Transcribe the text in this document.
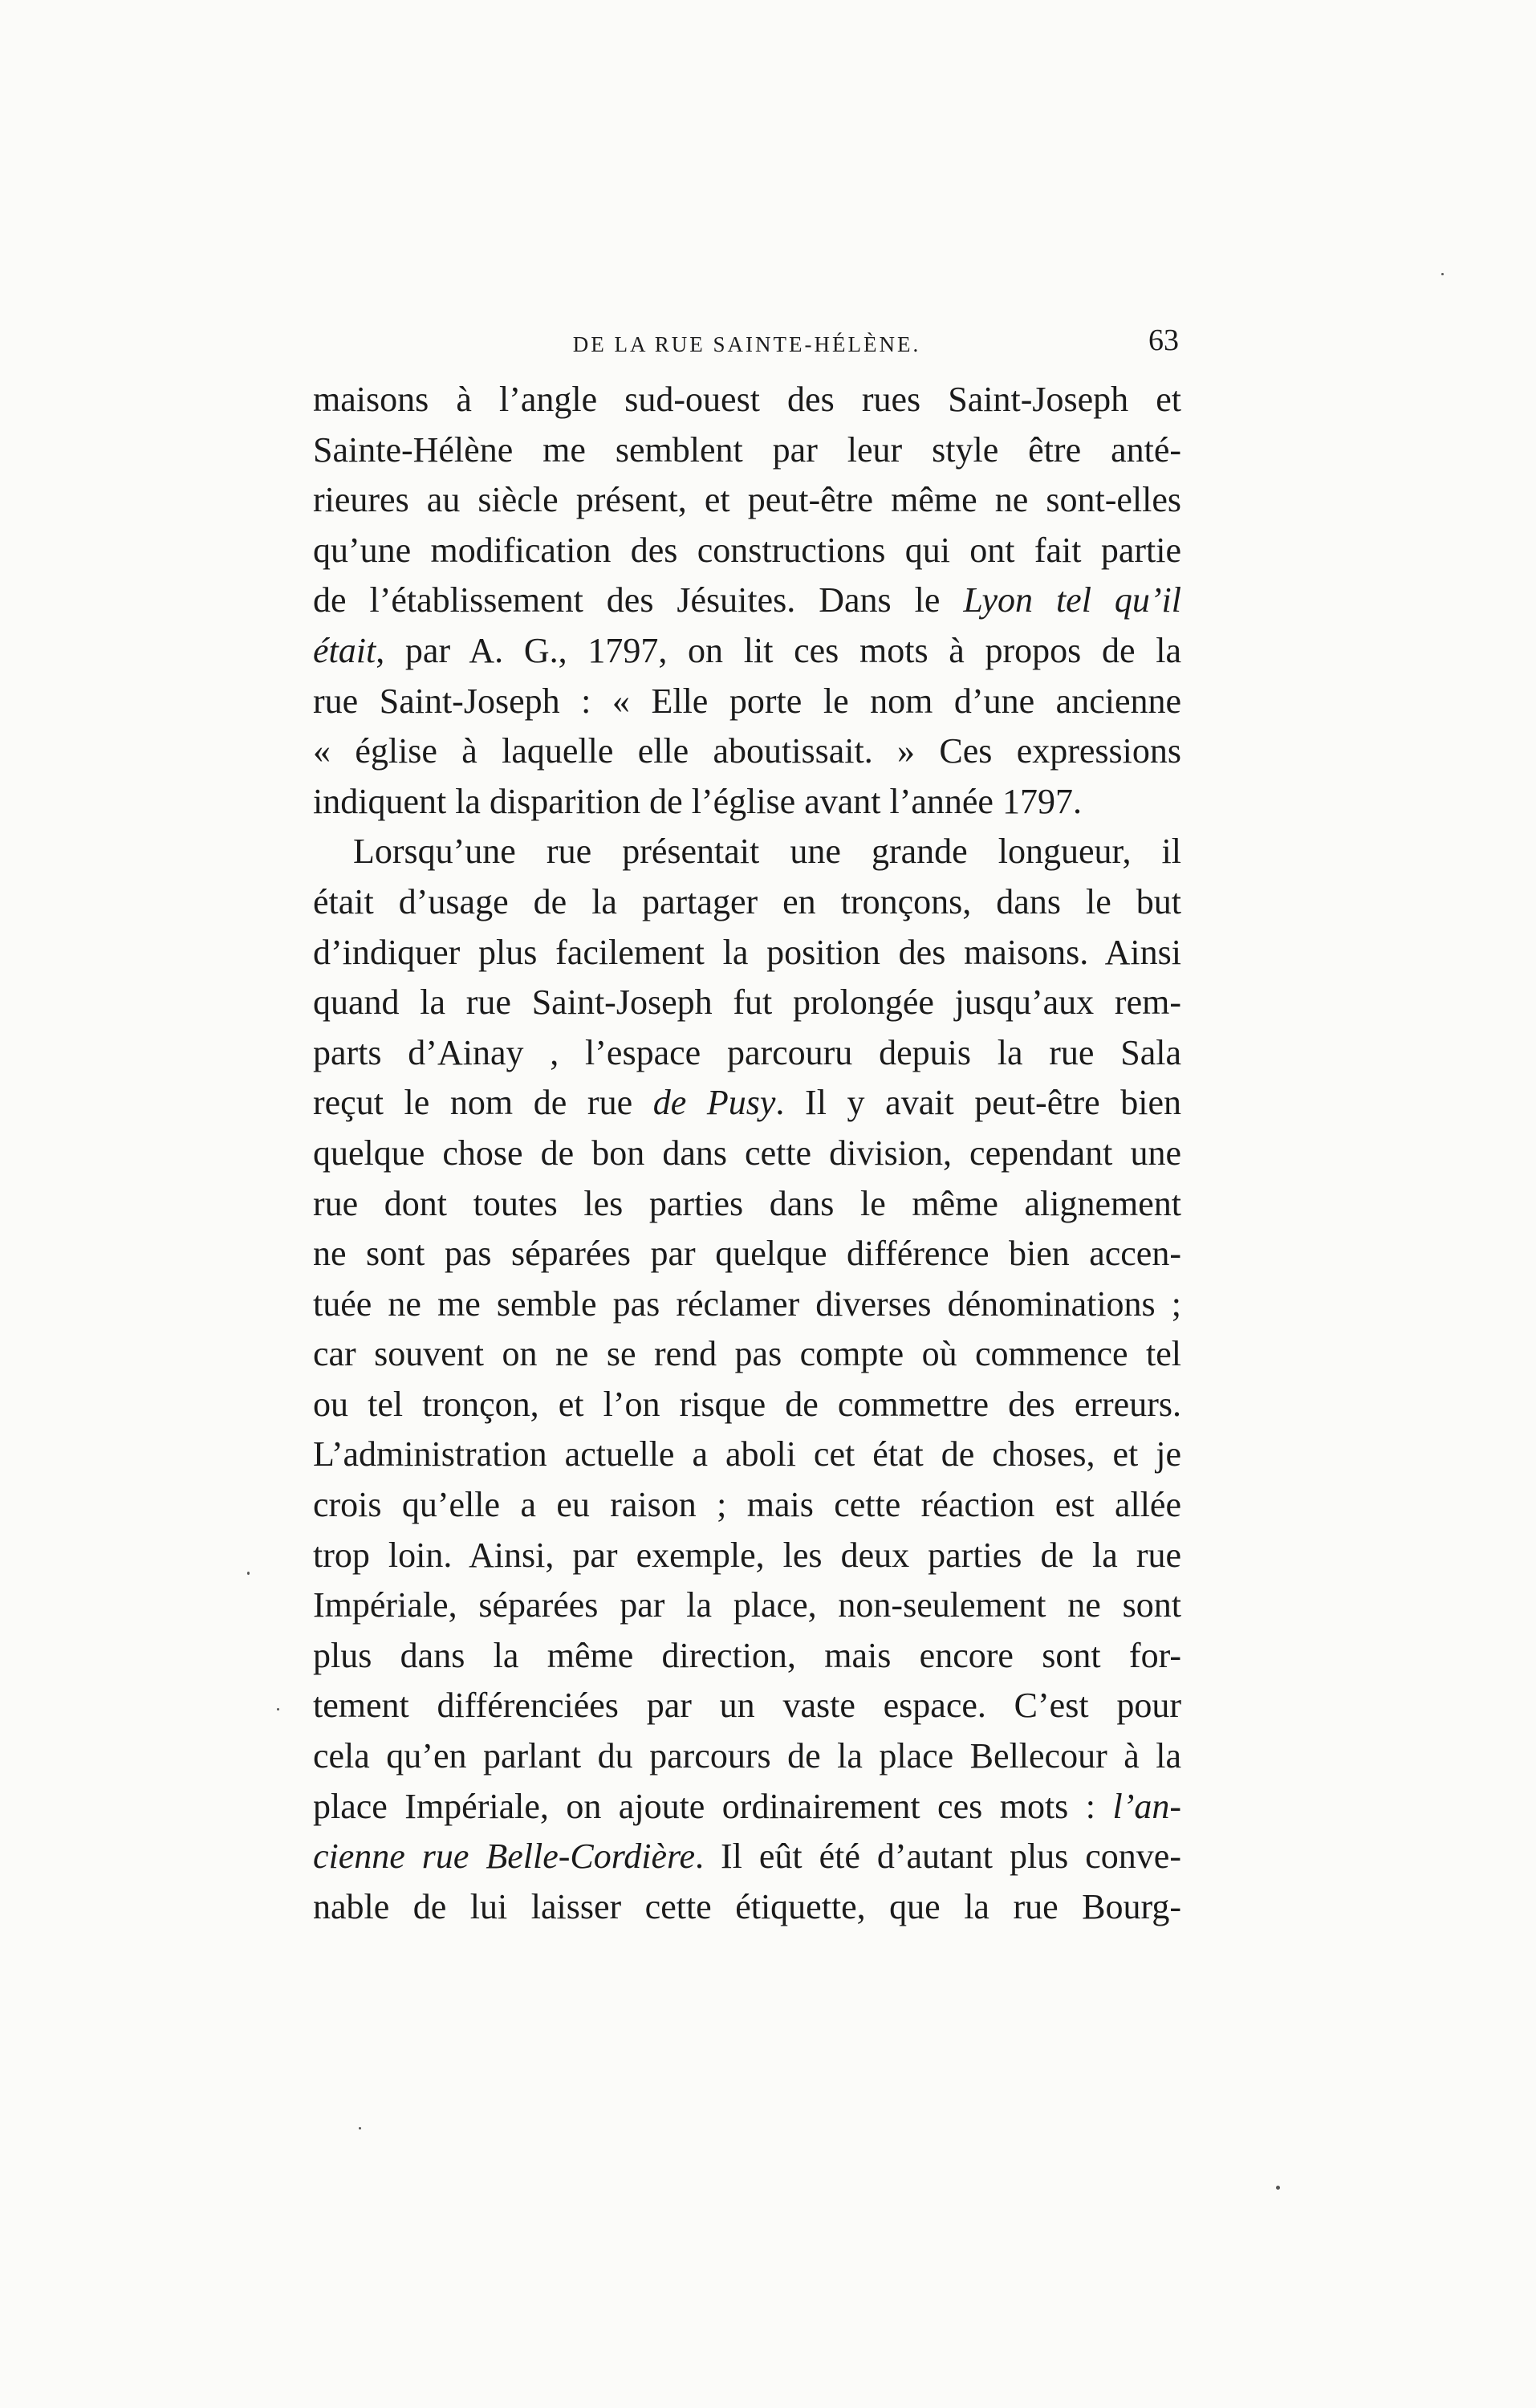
DE LA RUE SAINTE-HÉLÈNE.	63
maisons à l’angle sud-ouest des rues Saint-Joseph et
Sainte-Hélène me semblent par leur style être anté-
rieures au siècle présent, et peut-être même ne sont-elles
qu’une modification des constructions qui ont fait partie
de l’établissement des Jésuites. Dans le Lyon tel qu’il
était, par A. G., 1797, on lit ces mots à propos de la
rue Saint-Joseph : « Elle porte le nom d’une ancienne
« église à laquelle elle aboutissait. » Ces expressions
indiquent la disparition de l’église avant l’année 1797.
Lorsqu’une rue présentait une grande longueur, il
était d’usage de la partager en tronçons, dans le but
d’indiquer plus facilement la position des maisons. Ainsi
quand la rue Saint-Joseph fut prolongée jusqu’aux rem-
parts d’Ainay , l’espace parcouru depuis la rue Sala
reçut le nom de rue de Pusy. Il y avait peut-être bien
quelque chose de bon dans cette division, cependant une
rue dont toutes les parties dans le même alignement
ne sont pas séparées par quelque différence bien accen-
tuée ne me semble pas réclamer diverses dénominations ;
car souvent on ne se rend pas compte où commence tel
ou tel tronçon, et l’on risque de commettre des erreurs.
L’administration actuelle a aboli cet état de choses, et je
crois qu’elle a eu raison ; mais cette réaction est allée
trop loin. Ainsi, par exemple, les deux parties de la rue
Impériale, séparées par la place, non-seulement ne sont
plus dans la même direction, mais encore sont for-
tement différenciées par un vaste espace. C’est pour
cela qu’en parlant du parcours de la place Bellecour à la
place Impériale, on ajoute ordinairement ces mots : l’an-
cienne rue Belle-Cordière. Il eût été d’autant plus conve-
nable de lui laisser cette étiquette, que la rue Bourg-
